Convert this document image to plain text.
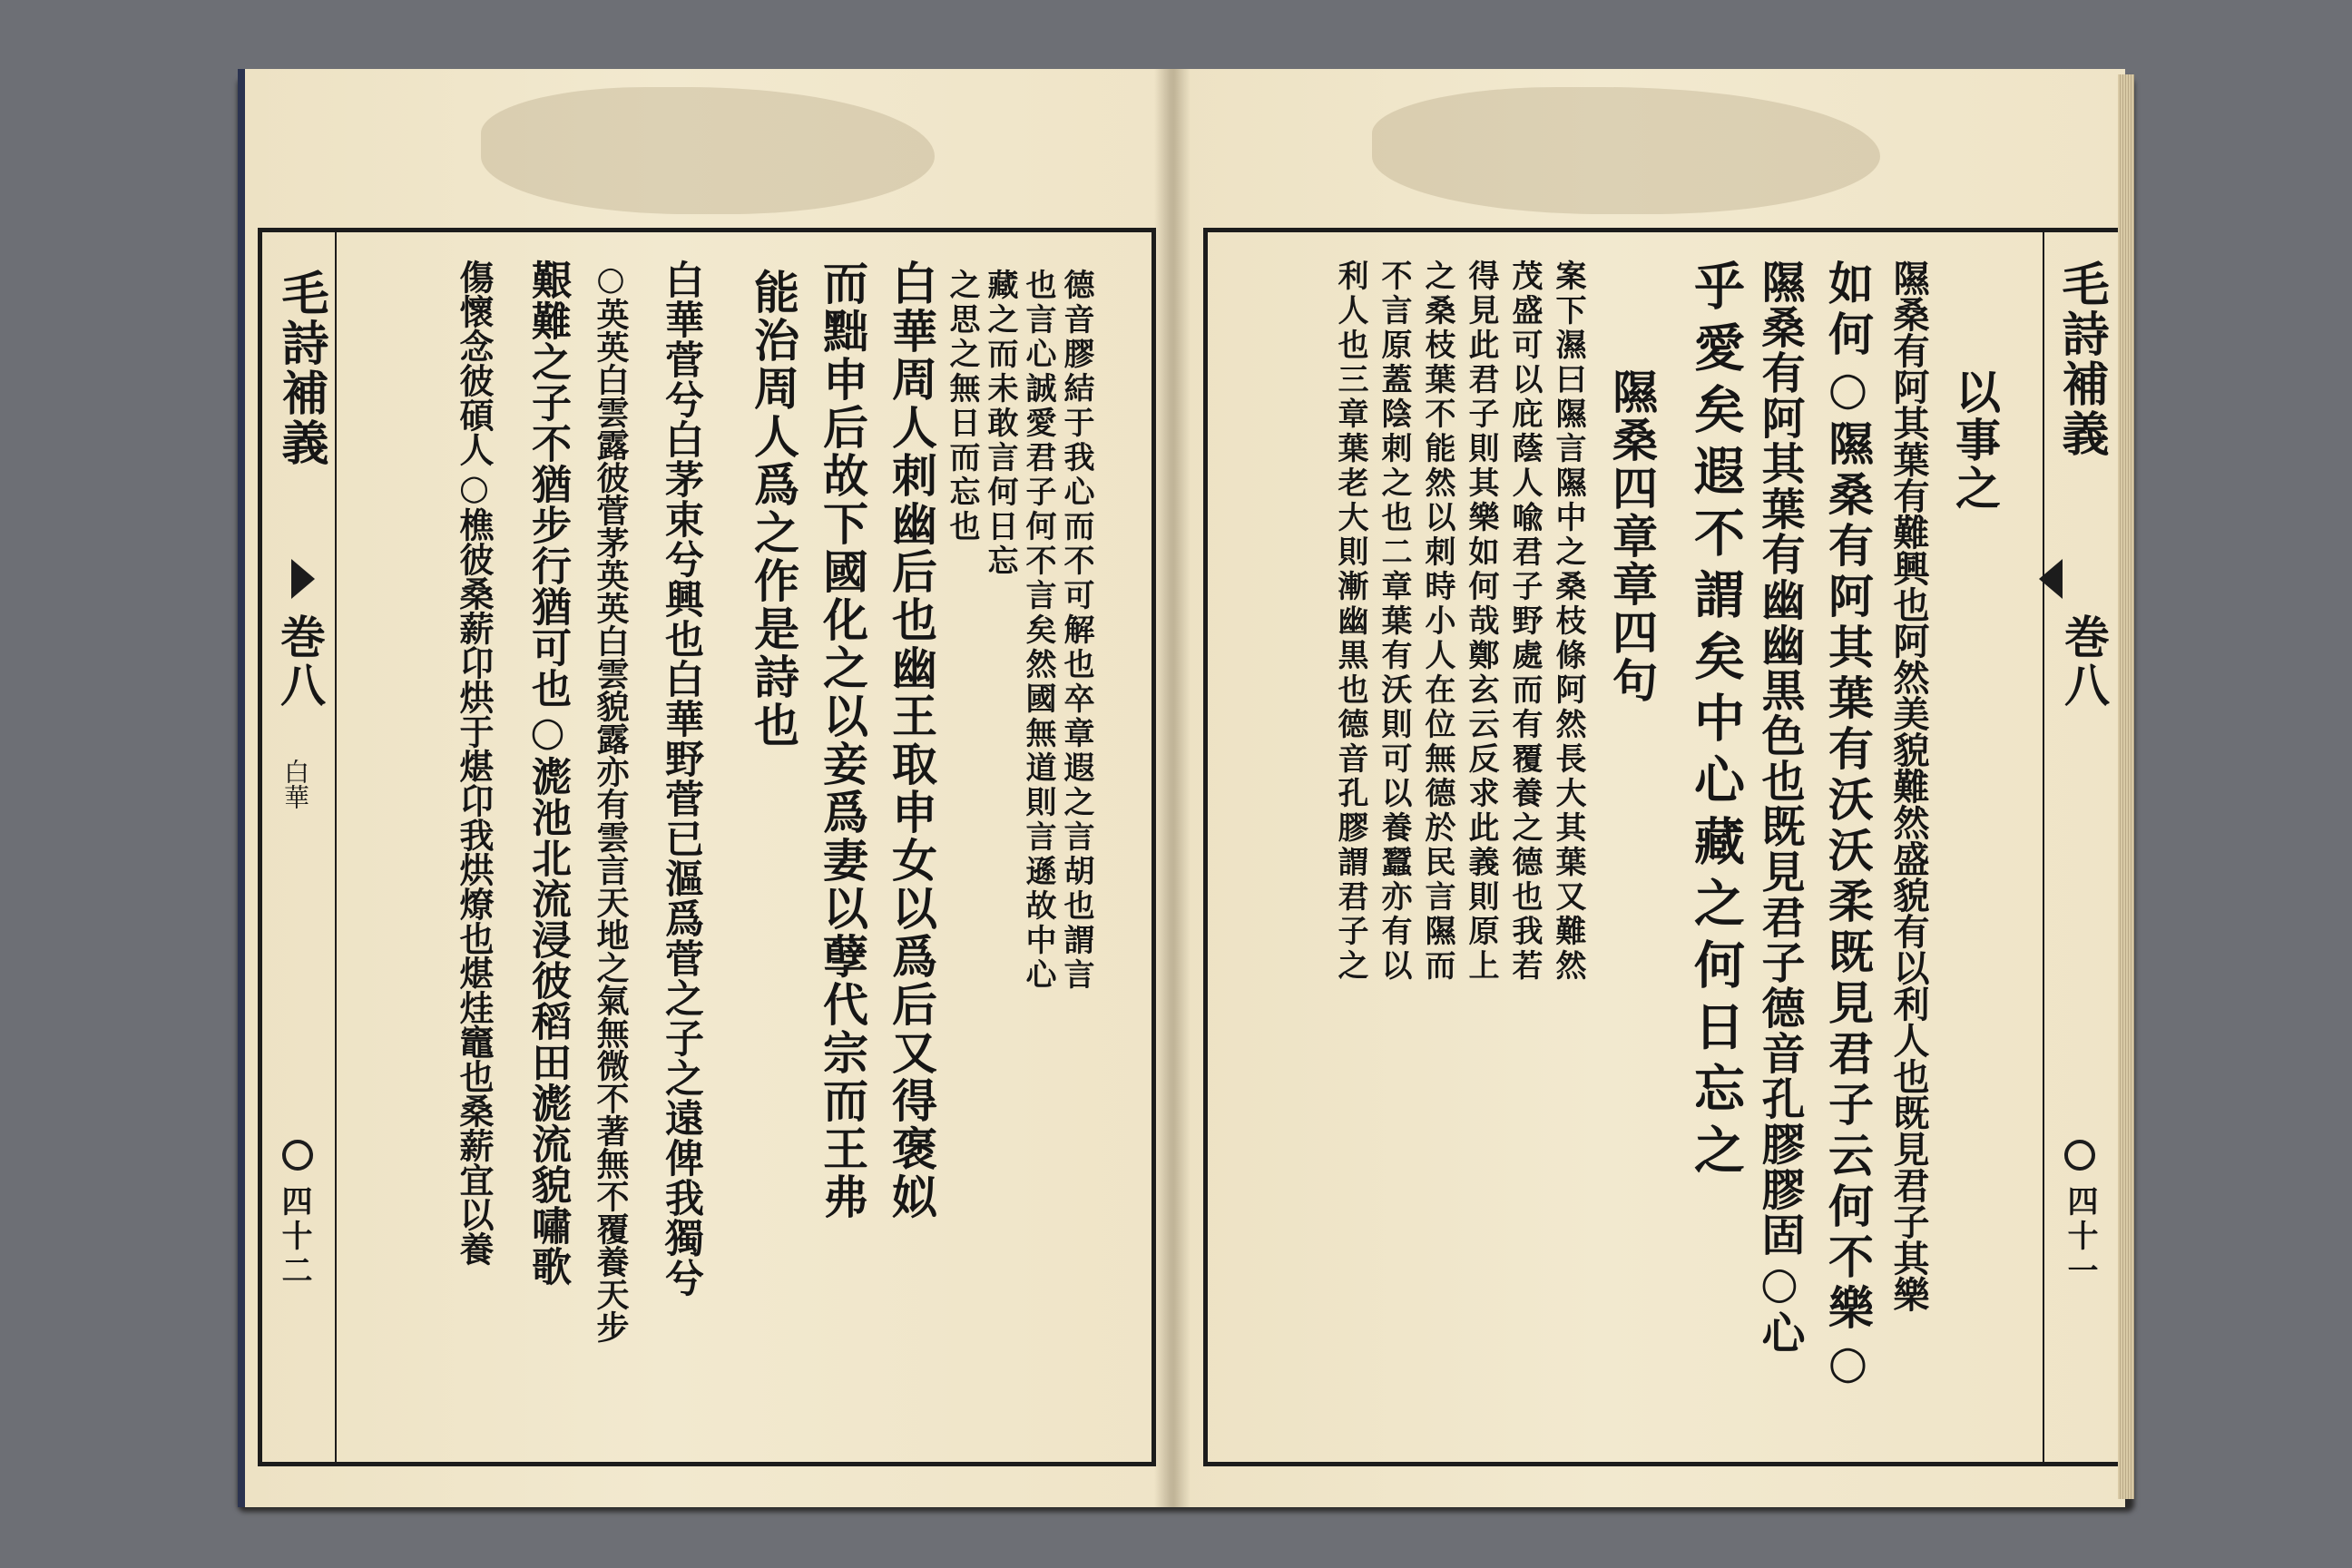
毛詩補義
巻八
白華
四十二
德音膠結于我心而不可解也卒章遐之言胡也謂言
也言心誠愛君子何不言矣然國無道則言遜故中心
藏之而未敢言何日忘
之思之無日而忘也
白華周人刺幽后也幽王取申女以爲后又得褒姒
而黜申后故下國化之以妾爲妻以孽代宗而王弗
能治周人爲之作是詩也
白華菅兮白茅束兮興也白華野菅已漚爲菅之子之遠俾我獨兮
○英英白雲露彼菅茅英英白雲貌露亦有雲言天地之氣無微不著無不覆養天步
艱難之子不猶步行猶可也○滮池北流浸彼稻田滮流貌嘯歌
傷懷念彼碩人○樵彼桑薪卬烘于煁卬我烘燎也煁烓竈也桑薪宜以養	毛詩補義
巻八
四十一
以事之
隰桑有阿其葉有難興也阿然美貌難然盛貌有以利人也既見君子其樂
如何○隰桑有阿其葉有沃沃柔既見君子云何不樂○
隰桑有阿其葉有幽幽黒色也既見君子德音孔膠膠固○心
乎愛矣遐不謂矣中心藏之何日忘之
隰桑四章章四句
案下濕曰隰言隰中之桑枝條阿然長大其葉又難然
茂盛可以庇蔭人喩君子野處而有覆養之德也我若
得見此君子則其樂如何哉鄭玄云反求此義則原上
之桑枝葉不能然以刺時小人在位無德於民言隰而
不言原蓋陰刺之也二章葉有沃則可以養蠶亦有以
利人也三章葉老大則漸幽黒也德音孔膠謂君子之
